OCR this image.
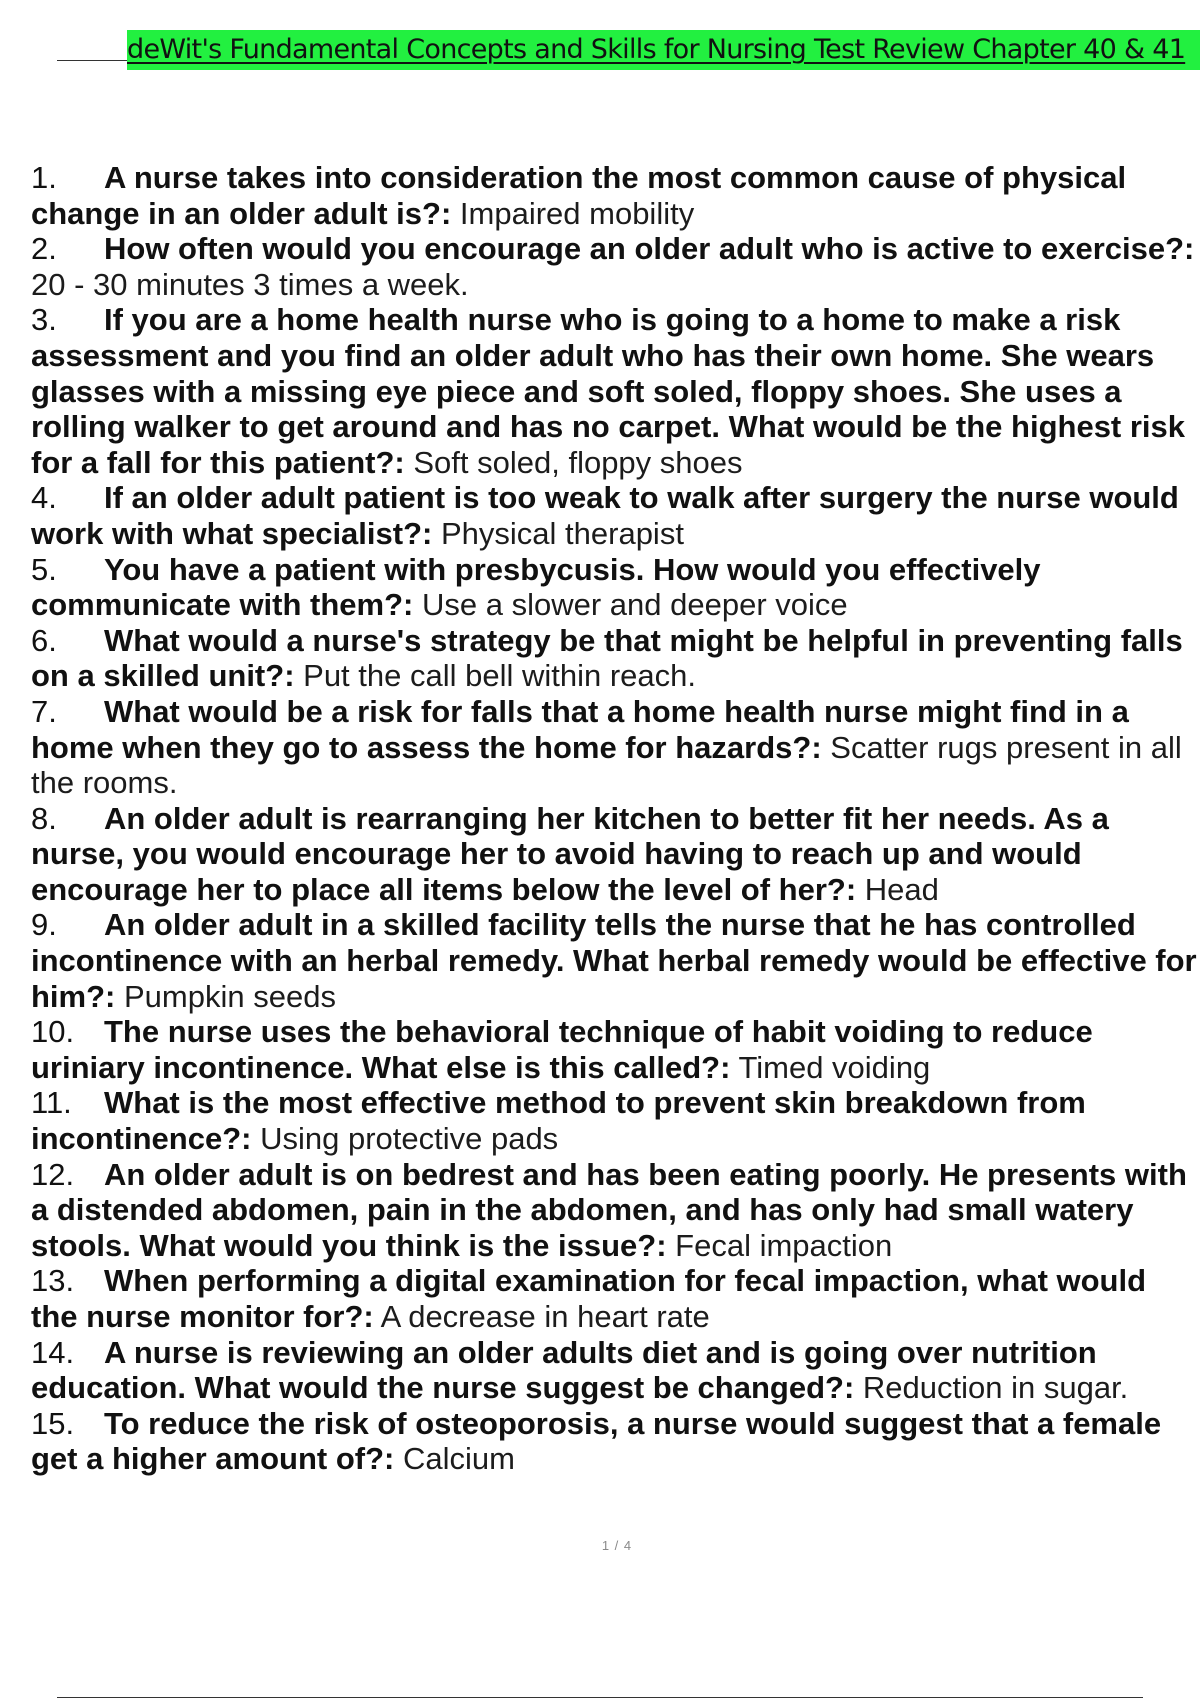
deWit's Fundamental Concepts and Skills for Nursing Test Review Chapter 40 & 41
1. A nurse takes into consideration the most common cause of physical change in an older adult is?: Impaired mobility
2. How often would you encourage an older adult who is active to exercise?: 20 - 30 minutes 3 times a week.
3. If you are a home health nurse who is going to a home to make a risk assessment and you find an older adult who has their own home. She wears glasses with a missing eye piece and soft soled, floppy shoes. She uses a rolling walker to get around and has no carpet. What would be the highest risk for a fall for this patient?: Soft soled, floppy shoes
4. If an older adult patient is too weak to walk after surgery the nurse would work with what specialist?: Physical therapist
5. You have a patient with presbycusis. How would you effectively communicate with them?: Use a slower and deeper voice
6. What would a nurse's strategy be that might be helpful in preventing falls on a skilled unit?: Put the call bell within reach.
7. What would be a risk for falls that a home health nurse might find in a home when they go to assess the home for hazards?: Scatter rugs present in all the rooms.
8. An older adult is rearranging her kitchen to better fit her needs. As a nurse, you would encourage her to avoid having to reach up and would encourage her to place all items below the level of her?: Head
9. An older adult in a skilled facility tells the nurse that he has controlled incontinence with an herbal remedy. What herbal remedy would be effective for him?: Pumpkin seeds
10. The nurse uses the behavioral technique of habit voiding to reduce uriniary incontinence. What else is this called?: Timed voiding
11. What is the most effective method to prevent skin breakdown from incontinence?: Using protective pads
12. An older adult is on bedrest and has been eating poorly. He presents with a distended abdomen, pain in the abdomen, and has only had small watery stools. What would you think is the issue?: Fecal impaction
13. When performing a digital examination for fecal impaction, what would the nurse monitor for?: A decrease in heart rate
14. A nurse is reviewing an older adults diet and is going over nutrition education. What would the nurse suggest be changed?: Reduction in sugar.
15. To reduce the risk of osteoporosis, a nurse would suggest that a female get a higher amount of?: Calcium
1 / 4
